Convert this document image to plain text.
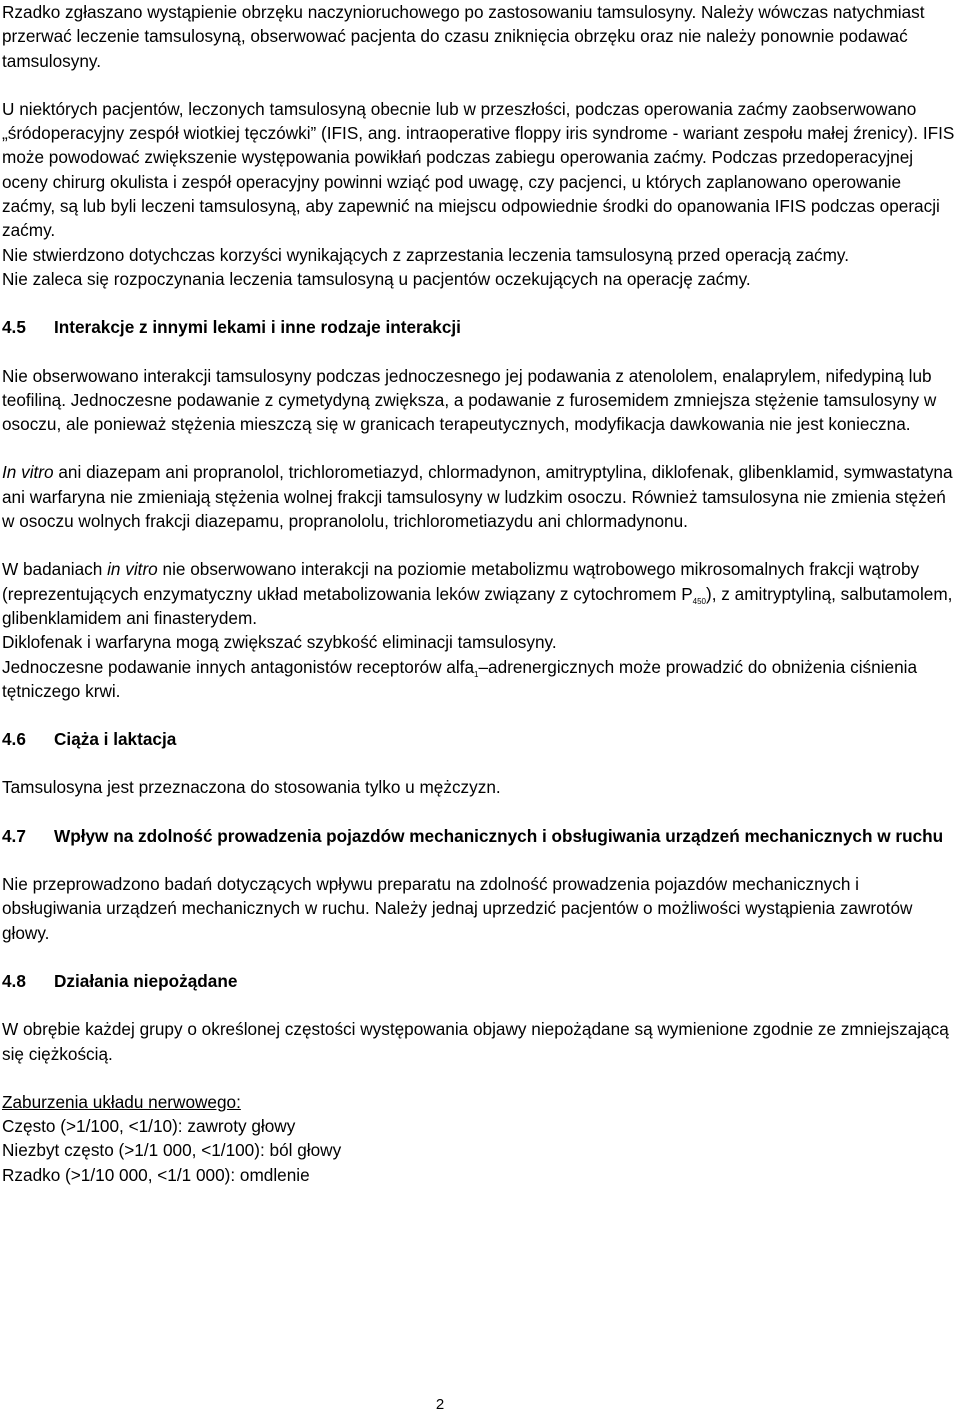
Rzadko zgłaszano wystąpienie obrzęku naczynioruchowego po zastosowaniu tamsulosyny. Należy wówczas natychmiast przerwać leczenie tamsulosyną, obserwować pacjenta do czasu zniknięcia obrzęku oraz nie należy ponownie podawać tamsulosyny.

U niektórych pacjentów, leczonych tamsulosyną obecnie lub w przeszłości, podczas operowania zaćmy zaobserwowano „śródoperacyjny zespół wiotkiej tęczówki” (IFIS, ang. intraoperative floppy iris syndrome - wariant zespołu małej źrenicy). IFIS może powodować zwiększenie występowania powikłań podczas zabiegu operowania zaćmy. Podczas przedoperacyjnej oceny chirurg okulista i zespół operacyjny powinni wziąć pod uwagę, czy pacjenci, u których zaplanowano operowanie zaćmy, są lub byli leczeni tamsulosyną, aby zapewnić na miejscu odpowiednie środki do opanowania IFIS podczas operacji zaćmy.

Nie stwierdzono dotychczas korzyści wynikających z zaprzestania leczenia tamsulosyną przed operacją zaćmy.

Nie zaleca się rozpoczynania leczenia tamsulosyną u pacjentów oczekujących na operację zaćmy.

4.5	Interakcje z innymi lekami i inne rodzaje interakcji

Nie obserwowano interakcji tamsulosyny podczas jednoczesnego jej podawania z atenololem, enalaprylem, nifedypiną lub teofiliną. Jednoczesne podawanie z cymetydyną zwiększa, a podawanie z furosemidem zmniejsza stężenie tamsulosyny w osoczu, ale ponieważ stężenia mieszczą się w granicach terapeutycznych, modyfikacja dawkowania nie jest konieczna.

In vitro ani diazepam ani propranolol, trichlorometiazyd, chlormadynon, amitryptylina, diklofenak, glibenklamid, symwastatyna ani warfaryna nie zmieniają stężenia wolnej frakcji tamsulosyny w ludzkim osoczu. Również tamsulosyna nie zmienia stężeń w osoczu wolnych frakcji diazepamu, propranololu, trichlorometiazydu ani chlormadynonu.

W badaniach in vitro nie obserwowano interakcji na poziomie metabolizmu wątrobowego mikrosomalnych frakcji wątroby (reprezentujących enzymatyczny układ metabolizowania leków związany z cytochromem $P_{450}$), z amitryptyliną, salbutamolem, glibenklamidem ani finasterydem.

Diklofenak i warfaryna mogą zwiększać szybkość eliminacji tamsulosyny.

Jednoczesne podawanie innych antagonistów receptorów alfa$_1$–adrenergicznych może prowadzić do obniżenia ciśnienia tętniczego krwi.

4.6	Ciąża i laktacja

Tamsulosyna jest przeznaczona do stosowania tylko u mężczyzn.

4.7	Wpływ na zdolność prowadzenia pojazdów mechanicznych i obsługiwania urządzeń mechanicznych w ruchu

Nie przeprowadzono badań dotyczących wpływu preparatu na zdolność prowadzenia pojazdów mechanicznych i obsługiwania urządzeń mechanicznych w ruchu. Należy jednaj uprzedzić pacjentów o możliwości wystąpienia zawrotów głowy.

4.8	Działania niepożądane

W obrębie każdej grupy o określonej częstości występowania objawy niepożądane są wymienione zgodnie ze zmniejszającą się ciężkością.

Zaburzenia układu nerwowego:

Często (>1/100, <1/10): zawroty głowy

Niezbyt często (>1/1 000, <1/100): ból głowy

Rzadko (>1/10 000, <1/1 000): omdlenie

2
